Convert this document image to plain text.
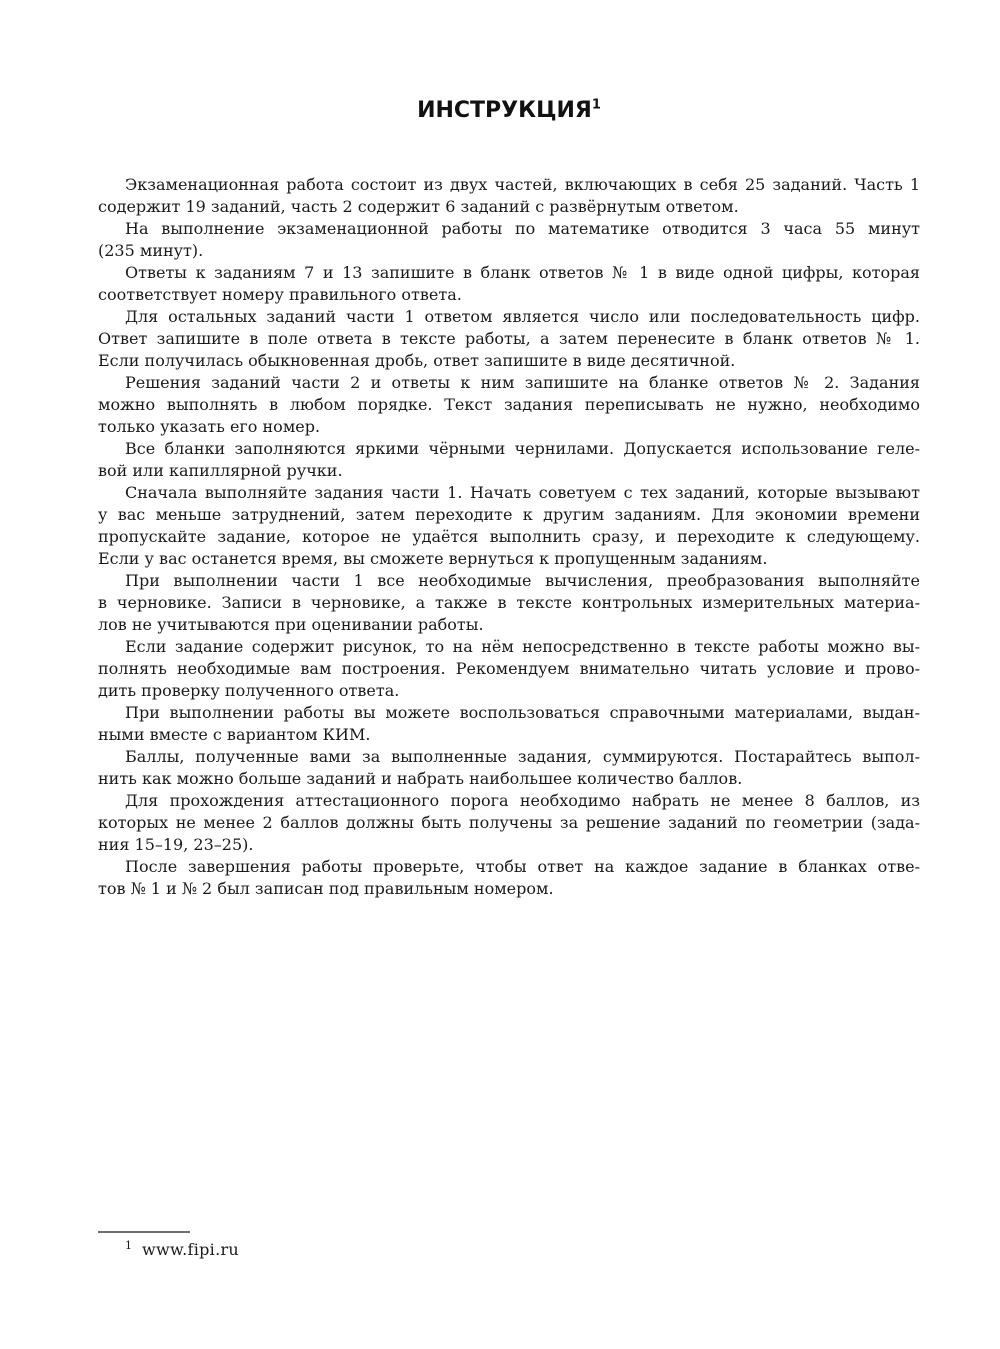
ИНСТРУКЦИЯ$^1$

Экзаменационная работа состоит из двух частей, включающих в себя 25 заданий. Часть 1
содержит 19 заданий, часть 2 содержит 6 заданий с развёрнутым ответом.

На выполнение экзаменационной работы по математике отводится 3 часа 55 минут
(235 минут).

Ответы к заданиям 7 и 13 запишите в бланк ответов № 1 в виде одной цифры, которая
соответствует номеру правильного ответа.

Для остальных заданий части 1 ответом является число или последовательность цифр.
Ответ запишите в поле ответа в тексте работы, а затем перенесите в бланк ответов № 1.
Если получилась обыкновенная дробь, ответ запишите в виде десятичной.

Решения заданий части 2 и ответы к ним запишите на бланке ответов № 2. Задания
можно выполнять в любом порядке. Текст задания переписывать не нужно, необходимо
только указать его номер.

Все бланки заполняются яркими чёрными чернилами. Допускается использование геле-
вой или капиллярной ручки.

Сначала выполняйте задания части 1. Начать советуем с тех заданий, которые вызывают
у вас меньше затруднений, затем переходите к другим заданиям. Для экономии времени
пропускайте задание, которое не удаётся выполнить сразу, и переходите к следующему.
Если у вас останется время, вы сможете вернуться к пропущенным заданиям.

При выполнении части 1 все необходимые вычисления, преобразования выполняйте
в черновике. Записи в черновике, а также в тексте контрольных измерительных материа-
лов не учитываются при оценивании работы.

Если задание содержит рисунок, то на нём непосредственно в тексте работы можно вы-
полнять необходимые вам построения. Рекомендуем внимательно читать условие и прово-
дить проверку полученного ответа.

При выполнении работы вы можете воспользоваться справочными материалами, выдан-
ными вместе с вариантом КИМ.

Баллы, полученные вами за выполненные задания, суммируются. Постарайтесь выпол-
нить как можно больше заданий и набрать наибольшее количество баллов.

Для прохождения аттестационного порога необходимо набрать не менее 8 баллов, из
которых не менее 2 баллов должны быть получены за решение заданий по геометрии (зада-
ния 15–19, 23–25).

После завершения работы проверьте, чтобы ответ на каждое задание в бланках отве-
тов № 1 и № 2 был записан под правильным номером.

$^1$ www.fipi.ru
